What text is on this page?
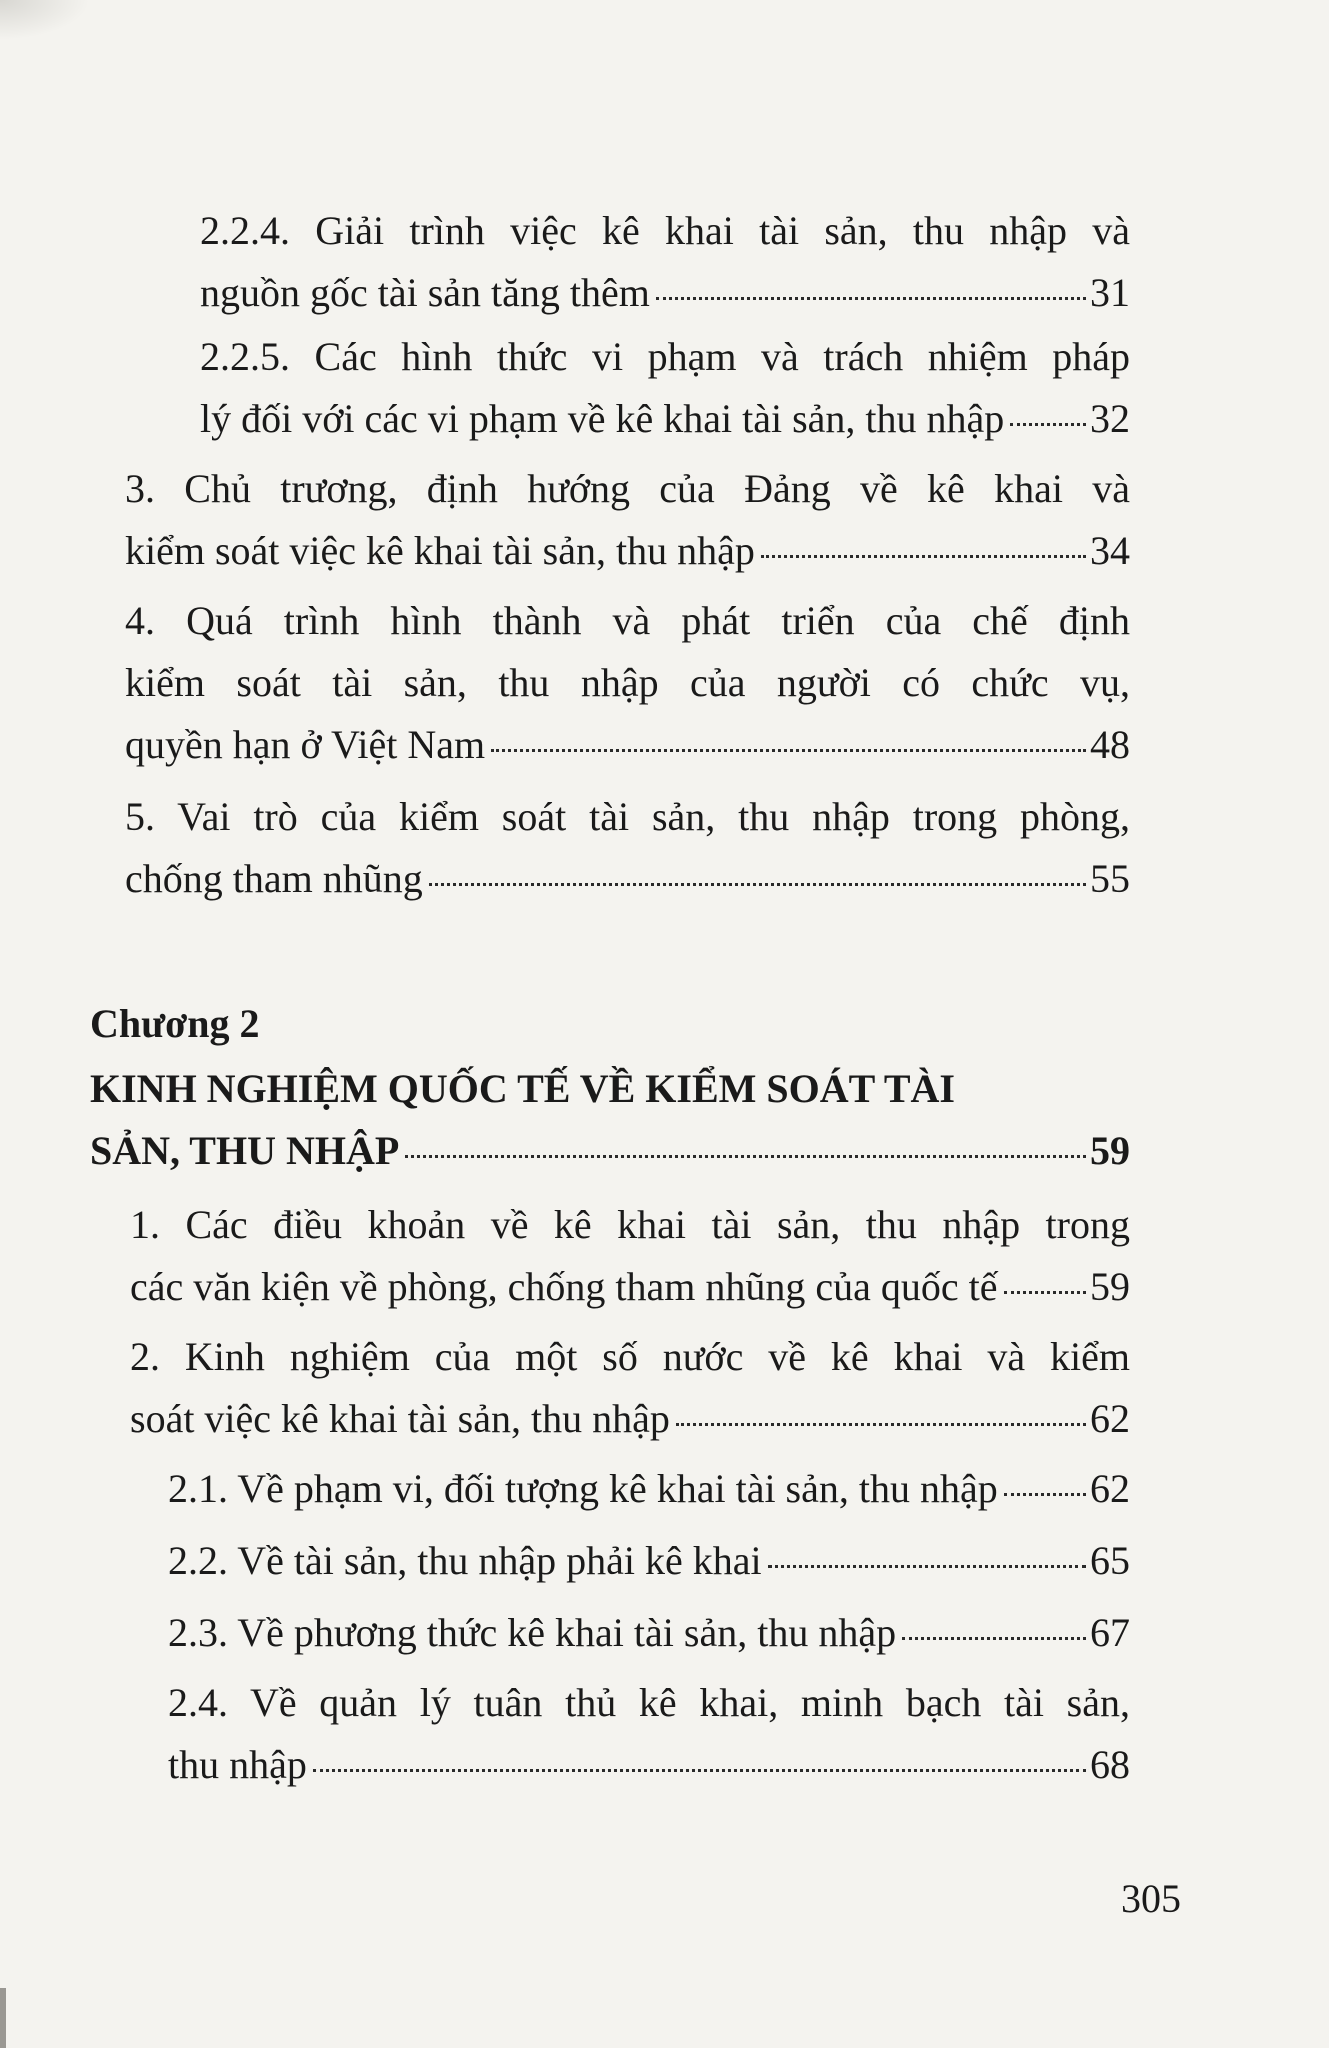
2.2.4. Giải trình việc kê khai tài sản, thu nhập và
nguồn gốc tài sản tăng thêm	31
2.2.5. Các hình thức vi phạm và trách nhiệm pháp
lý đối với các vi phạm về kê khai tài sản, thu nhập 32
3. Chủ trương, định hướng của Đảng về kê khai và
kiểm soát việc kê khai tài sản, thu nhập	34
4. Quá trình hình thành và phát triển của chế định
kiểm soát tài sản, thu nhập của người có chức vụ,
quyền hạn ở Việt Nam	48
5. Vai trò của kiểm soát tài sản, thu nhập trong phòng,
chống tham nhũng	55
Chương 2
KINH NGHIỆM QUỐC TẾ VỀ KIỂM SOÁT TÀI
SẢN, THU NHẬP	59
1. Các điều khoản về kê khai tài sản, thu nhập trong
các văn kiện về phòng, chống tham nhũng của quốc tế 59
2. Kinh nghiệm của một số nước về kê khai và kiểm
soát việc kê khai tài sản, thu nhập	62
2.1. Về phạm vi, đối tượng kê khai tài sản, thu nhập 62
2.2. Về tài sản, thu nhập phải kê khai	65
2.3. Về phương thức kê khai tài sản, thu nhập	67
2.4. Về quản lý tuân thủ kê khai, minh bạch tài sản,
thu nhập	68
305
